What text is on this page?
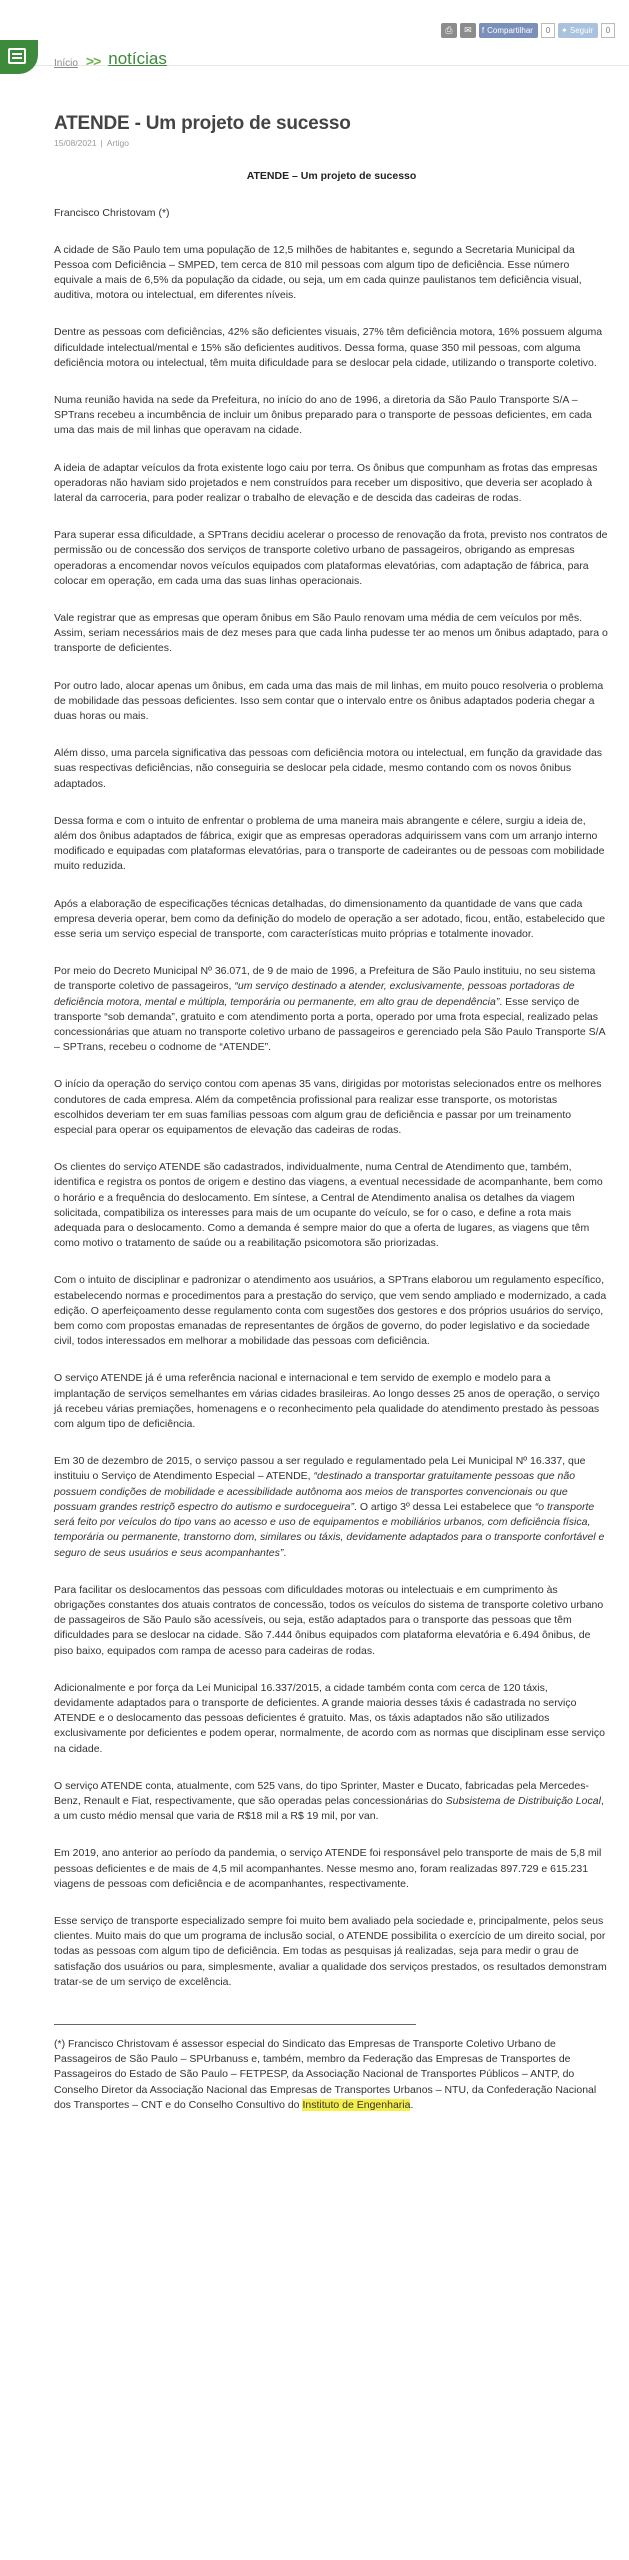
Início >> notícias
⎙	✉	f Compartilhar	0	✦ Seguir	0
ATENDE - Um projeto de sucesso
15/08/2021 | Artigo
ATENDE – Um projeto de sucesso
Francisco Christovam (*)

A cidade de São Paulo tem uma população de 12,5 milhões de habitantes e, segundo a Secretaria Municipal da Pessoa com Deficiência – SMPED, tem cerca de 810 mil pessoas com algum tipo de deficiência. Esse número equivale a mais de 6,5% da população da cidade, ou seja, um em cada quinze paulistanos tem deficiência visual, auditiva, motora ou intelectual, em diferentes níveis.

Dentre as pessoas com deficiências, 42% são deficientes visuais, 27% têm deficiência motora, 16% possuem alguma dificuldade intelectual/mental e 15% são deficientes auditivos. Dessa forma, quase 350 mil pessoas, com alguma deficiência motora ou intelectual, têm muita dificuldade para se deslocar pela cidade, utilizando o transporte coletivo.

Numa reunião havida na sede da Prefeitura, no início do ano de 1996, a diretoria da São Paulo Transporte S/A – SPTrans recebeu a incumbência de incluir um ônibus preparado para o transporte de pessoas deficientes, em cada uma das mais de mil linhas que operavam na cidade.

A ideia de adaptar veículos da frota existente logo caiu por terra. Os ônibus que compunham as frotas das empresas operadoras não haviam sido projetados e nem construídos para receber um dispositivo, que deveria ser acoplado à lateral da carroceria, para poder realizar o trabalho de elevação e de descida das cadeiras de rodas.

Para superar essa dificuldade, a SPTrans decidiu acelerar o processo de renovação da frota, previsto nos contratos de permissão ou de concessão dos serviços de transporte coletivo urbano de passageiros, obrigando as empresas operadoras a encomendar novos veículos equipados com plataformas elevatórias, com adaptação de fábrica, para colocar em operação, em cada uma das suas linhas operacionais.

Vale registrar que as empresas que operam ônibus em São Paulo renovam uma média de cem veículos por mês. Assim, seriam necessários mais de dez meses para que cada linha pudesse ter ao menos um ônibus adaptado, para o transporte de deficientes.

Por outro lado, alocar apenas um ônibus, em cada uma das mais de mil linhas, em muito pouco resolveria o problema de mobilidade das pessoas deficientes. Isso sem contar que o intervalo entre os ônibus adaptados poderia chegar a duas horas ou mais.

Além disso, uma parcela significativa das pessoas com deficiência motora ou intelectual, em função da gravidade das suas respectivas deficiências, não conseguiria se deslocar pela cidade, mesmo contando com os novos ônibus adaptados.

Dessa forma e com o intuito de enfrentar o problema de uma maneira mais abrangente e célere, surgiu a ideia de, além dos ônibus adaptados de fábrica, exigir que as empresas operadoras adquirissem vans com um arranjo interno modificado e equipadas com plataformas elevatórias, para o transporte de cadeirantes ou de pessoas com mobilidade muito reduzida.

Após a elaboração de especificações técnicas detalhadas, do dimensionamento da quantidade de vans que cada empresa deveria operar, bem como da definição do modelo de operação a ser adotado, ficou, então, estabelecido que esse seria um serviço especial de transporte, com características muito próprias e totalmente inovador.

Por meio do Decreto Municipal Nº 36.071, de 9 de maio de 1996, a Prefeitura de São Paulo instituiu, no seu sistema de transporte coletivo de passageiros, “um serviço destinado a atender, exclusivamente, pessoas portadoras de deficiência motora, mental e múltipla, temporária ou permanente, em alto grau de dependência”. Esse serviço de transporte “sob demanda”, gratuito e com atendimento porta a porta, operado por uma frota especial, realizado pelas concessionárias que atuam no transporte coletivo urbano de passageiros e gerenciado pela São Paulo Transporte S/A – SPTrans, recebeu o codnome de “ATENDE”.

O início da operação do serviço contou com apenas 35 vans, dirigidas por motoristas selecionados entre os melhores condutores de cada empresa. Além da competência profissional para realizar esse transporte, os motoristas escolhidos deveriam ter em suas famílias pessoas com algum grau de deficiência e passar por um treinamento especial para operar os equipamentos de elevação das cadeiras de rodas.

Os clientes do serviço ATENDE são cadastrados, individualmente, numa Central de Atendimento que, também, identifica e registra os pontos de origem e destino das viagens, a eventual necessidade de acompanhante, bem como o horário e a frequência do deslocamento. Em síntese, a Central de Atendimento analisa os detalhes da viagem solicitada, compatibiliza os interesses para mais de um ocupante do veículo, se for o caso, e define a rota mais adequada para o deslocamento. Como a demanda é sempre maior do que a oferta de lugares, as viagens que têm como motivo o tratamento de saúde ou a reabilitação psicomotora são priorizadas.

Com o intuito de disciplinar e padronizar o atendimento aos usuários, a SPTrans elaborou um regulamento específico, estabelecendo normas e procedimentos para a prestação do serviço, que vem sendo ampliado e modernizado, a cada edição. O aperfeiçoamento desse regulamento conta com sugestões dos gestores e dos próprios usuários do serviço, bem como com propostas emanadas de representantes de órgãos de governo, do poder legislativo e da sociedade civil, todos interessados em melhorar a mobilidade das pessoas com deficiência.

O serviço ATENDE já é uma referência nacional e internacional e tem servido de exemplo e modelo para a implantação de serviços semelhantes em várias cidades brasileiras. Ao longo desses 25 anos de operação, o serviço já recebeu várias premiações, homenagens e o reconhecimento pela qualidade do atendimento prestado às pessoas com algum tipo de deficiência.

Em 30 de dezembro de 2015, o serviço passou a ser regulado e regulamentado pela Lei Municipal Nº 16.337, que instituiu o Serviço de Atendimento Especial – ATENDE, “destinado a transportar gratuitamente pessoas que não possuem condições de mobilidade e acessibilidade autônoma aos meios de transportes convencionais ou que possuam grandes restriçõ espectro do autismo e surdocegueira”. O artigo 3º dessa Lei estabelece que “o transporte será feito por veículos do tipo vans ao acesso e uso de equipamentos e mobiliários urbanos, com deficiência física, temporária ou permanente, transtorno dom, similares ou táxis, devidamente adaptados para o transporte confortável e seguro de seus usuários e seus acompanhantes”.

Para facilitar os deslocamentos das pessoas com dificuldades motoras ou intelectuais e em cumprimento às obrigações constantes dos atuais contratos de concessão, todos os veículos do sistema de transporte coletivo urbano de passageiros de São Paulo são acessíveis, ou seja, estão adaptados para o transporte das pessoas que têm dificuldades para se deslocar na cidade. São 7.444 ônibus equipados com plataforma elevatória e 6.494 ônibus, de piso baixo, equipados com rampa de acesso para cadeiras de rodas.

Adicionalmente e por força da Lei Municipal 16.337/2015, a cidade também conta com cerca de 120 táxis, devidamente adaptados para o transporte de deficientes. A grande maioria desses táxis é cadastrada no serviço ATENDE e o deslocamento das pessoas deficientes é gratuito. Mas, os táxis adaptados não são utilizados exclusivamente por deficientes e podem operar, normalmente, de acordo com as normas que disciplinam esse serviço na cidade.

O serviço ATENDE conta, atualmente, com 525 vans, do tipo Sprinter, Master e Ducato, fabricadas pela Mercedes-Benz, Renault e Fiat, respectivamente, que são operadas pelas concessionárias do Subsistema de Distribuição Local, a um custo médio mensal que varia de R$18 mil a R$ 19 mil, por van.

Em 2019, ano anterior ao período da pandemia, o serviço ATENDE foi responsável pelo transporte de mais de 5,8 mil pessoas deficientes e de mais de 4,5 mil acompanhantes. Nesse mesmo ano, foram realizadas 897.729 e 615.231 viagens de pessoas com deficiência e de acompanhantes, respectivamente.

Esse serviço de transporte especializado sempre foi muito bem avaliado pela sociedade e, principalmente, pelos seus clientes. Muito mais do que um programa de inclusão social, o ATENDE possibilita o exercício de um direito social, por todas as pessoas com algum tipo de deficiência. Em todas as pesquisas já realizadas, seja para medir o grau de satisfação dos usuários ou para, simplesmente, avaliar a qualidade dos serviços prestados, os resultados demonstram tratar-se de um serviço de excelência.

(*) Francisco Christovam é assessor especial do Sindicato das Empresas de Transporte Coletivo Urbano de Passageiros de São Paulo – SPUrbanuss e, também, membro da Federação das Empresas de Transportes de Passageiros do Estado de São Paulo – FETPESP, da Associação Nacional de Transportes Públicos – ANTP, do Conselho Diretor da Associação Nacional das Empresas de Transportes Urbanos – NTU, da Confederação Nacional dos Transportes – CNT e do Conselho Consultivo do Instituto de Engenharia.
